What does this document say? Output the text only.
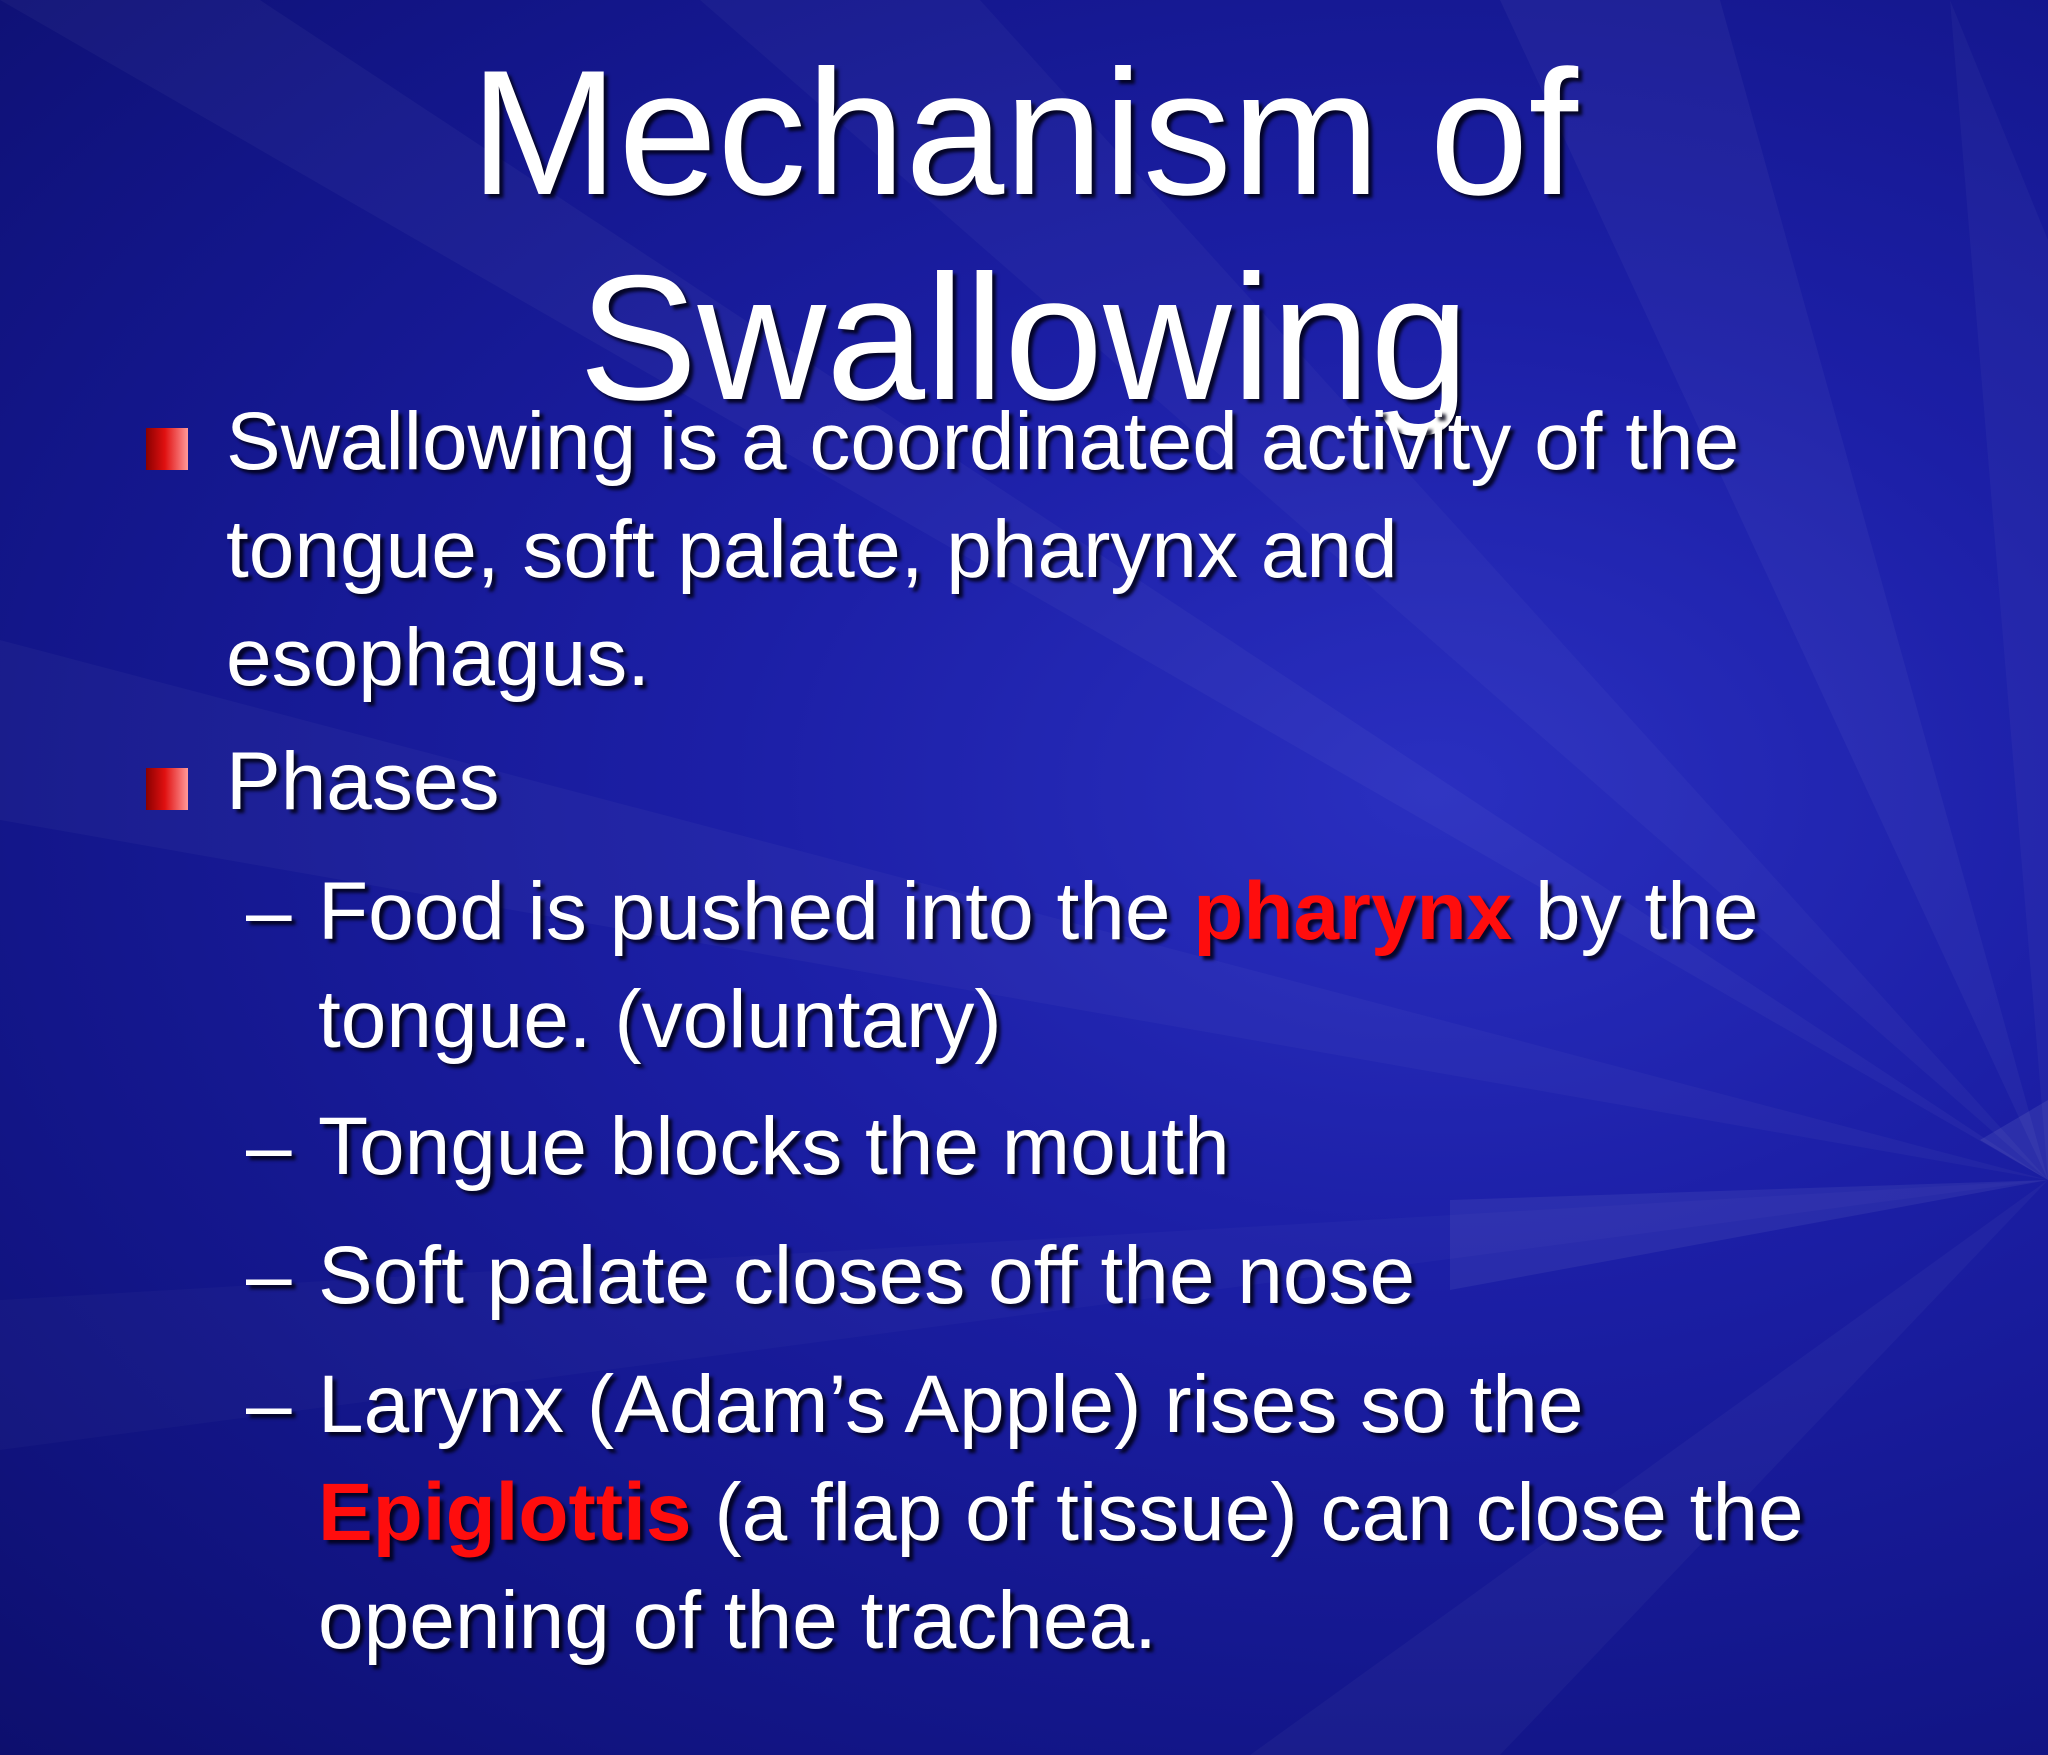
Mechanism of
Swallowing
Swallowing is a coordinated activity of the
tongue, soft palate, pharynx and
esophagus.
Phases
– Food is pushed into the pharynx by the
tongue. (voluntary)
– Tongue blocks the mouth
– Soft palate closes off the nose
– Larynx (Adam’s Apple) rises so the
Epiglottis (a flap of tissue) can close the
opening of the trachea.
